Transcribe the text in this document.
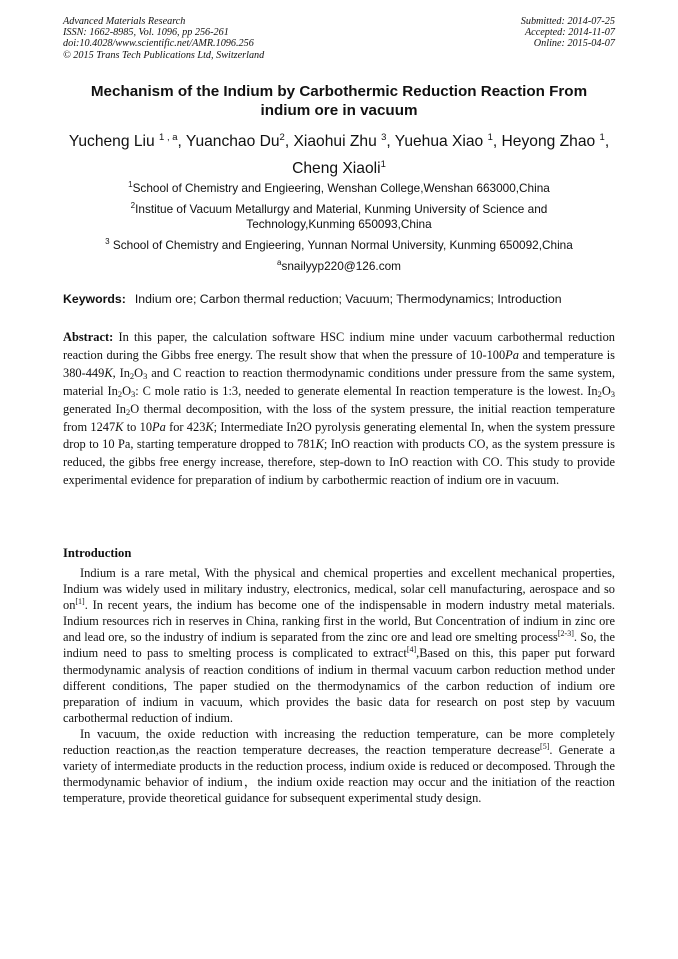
Advanced Materials Research
ISSN: 1662-8985, Vol. 1096, pp 256-261
doi:10.4028/www.scientific.net/AMR.1096.256
© 2015 Trans Tech Publications Ltd, Switzerland
Submitted: 2014-07-25
Accepted: 2014-11-07
Online: 2015-04-07
Mechanism of the Indium by Carbothermic Reduction Reaction From
indium ore in vacuum
Yucheng Liu $^{1 , a}$, Yuanchao Du$^2$, Xiaohui Zhu $^3$, Yuehua Xiao $^1$, Heyong Zhao $^1$,
Cheng Xiaoli$^1$
$^1$School of Chemistry and Engieering, Wenshan College,Wenshan 663000,China
$^2$Institue of Vacuum Metallurgy and Material, Kunming University of Science and
Technology,Kunming 650093,China
$^3$ School of Chemistry and Engieering, Yunnan Normal University, Kunming 650092,China
$^a$snailyyp220@126.com
Keywords: Indium ore; Carbon thermal reduction; Vacuum; Thermodynamics; Introduction
Abstract: In this paper, the calculation software HSC indium mine under vacuum carbothermal reduction reaction during the Gibbs free energy. The result show that when the pressure of 10-100Pa and temperature is 380-449K, $In_2O_3$ and C reaction to reaction thermodynamic conditions under pressure from the same system, material $In_2O_3$: C mole ratio is 1:3, needed to generate elemental In reaction temperature is the lowest. $In_2O_3$ generated $In_2O$ thermal decomposition, with the loss of the system pressure, the initial reaction temperature from 1247K to 10Pa for 423K; Intermediate In2O pyrolysis generating elemental In, when the system pressure drop to 10 Pa, starting temperature dropped to 781K; InO reaction with products CO, as the system pressure is reduced, the gibbs free energy increase, therefore, step-down to InO reaction with CO. This study to provide experimental evidence for preparation of indium by carbothermic reaction of indium ore in vacuum.
Introduction

Indium is a rare metal, With the physical and chemical properties and excellent mechanical properties, Indium was widely used in military industry, electronics, medical, solar cell manufacturing, aerospace and so on[1]. In recent years, the indium has become one of the indispensable in modern industry metal materials. Indium resources rich in reserves in China, ranking first in the world, But Concentration of indium in zinc ore and lead ore, so the industry of indium is separated from the zinc ore and lead ore smelting process[2-3]. So, the indium need to pass to smelting process is complicated to extract[4],Based on this, this paper put forward thermodynamic analysis of reaction conditions of indium in thermal vacuum carbon reduction method under different conditions, The paper studied on the thermodynamics of the carbon reduction of indium ore preparation of indium in vacuum, which provides the basic data for research on post step by vacuum carbothermal reduction of indium.

In vacuum, the oxide reduction with increasing the reduction temperature, can be more completely reduction reaction,as the reaction temperature decreases, the reaction temperature decrease[5]. Generate a variety of intermediate products in the reduction process, indium oxide is reduced or decomposed. Through the thermodynamic behavior of indium，the indium oxide reaction may occur and the initiation of the reaction temperature, provide theoretical guidance for subsequent experimental study design.
